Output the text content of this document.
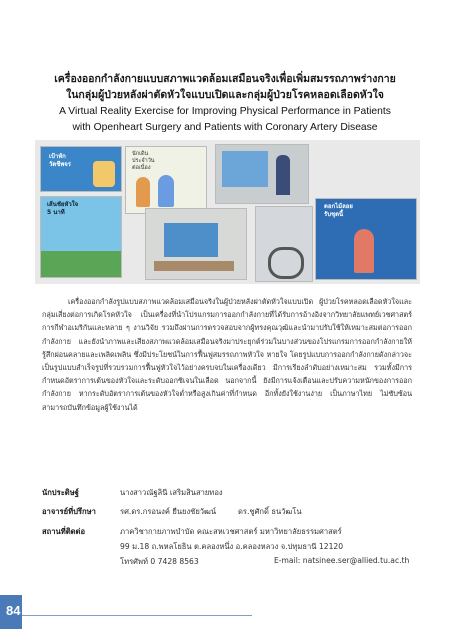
เครื่องออกกำลังกายแบบสภาพแวดล้อมเสมือนจริงเพื่อเพิ่มสมรรถภาพร่างกาย
ในกลุ่มผู้ป่วยหลังผ่าตัดหัวใจแบบเปิดและกลุ่มผู้ป่วยโรคหลอดเลือดหัวใจ
A Virtual Reality Exercise for Improving Physical Performance in Patients
with Openheart Surgery and Patients with Coronary Artery Disease
เป้าหัก
วัดชีพจร
นักเดิน
ประจำวัน
ต่อเนื่อง
เส้นชัยหัวใจ
5 นาที
ดอกไม้ลอย
รับชุดนี้

เครื่องออกกำลังรูปแบบสภาพแวดล้อมเสมือนจริงในผู้ป่วยหลังผ่าตัดหัวใจแบบเปิด ผู้ป่วยโรคหลอดเลือดหัวใจและกลุ่มเสี่ยงต่อการเกิดโรคหัวใจ เป็นเครื่องที่นำโปรแกรมการออกกำลังกายที่ได้รับการอ้างอิงจากวิทยาลัยแพทย์เวชศาสตร์การกีฬาอเมริกันและหลาย ๆ งานวิจัย รวมถึงผ่านการตรวจสอบจากผู้ทรงคุณวุฒิและนำมาปรับใช้ให้เหมาะสมต่อการออกกำลังกาย และยังนำภาพและเสียงสภาพแวดล้อมเสมือนจริงมาประยุกต์ร่วมในบางส่วนของโปรแกรมการออกกำลังกายให้รู้สึกผ่อนคลายและเพลิดเพลิน ซึ่งมีประโยชน์ในการฟื้นฟูสมรรถภาพหัวใจ หายใจ โดยรูปแบบการออกกำลังกายดังกล่าวจะเป็นรูปแบบสำเร็จรูปที่รวบรวมการฟื้นฟูหัวใจไว้อย่างครบจบในเครื่องเดียว มีการเรียงลำดับอย่างเหมาะสม รวมทั้งมีการกำหนดอัตราการเต้นของหัวใจและระดับออกซิเจนในเลือด นอกจากนี้ ยังมีการแจ้งเตือนและปรับความหนักของการออกกำลังกาย หากระดับอัตราการเต้นของหัวใจต่ำหรือสูงเกินค่าที่กำหนด อีกทั้งยังใช้งานง่าย เป็นภาษาไทย ไม่ซับซ้อน สามารถบันทึกข้อมูลผู้ใช้งานได้

นักประดิษฐ์	นางสาวณัฐลินี เสริมสินสายทอง
อาจารย์ที่ปรึกษา	รศ.ดร.กรอนงค์ ยืนยงชัยวัฒน์	ดร.ชูศักดิ์ ธนวัฒโน
สถานที่ติดต่อ	ภาควิชากายภาพบำบัด คณะสหเวชศาสตร์ มหาวิทยาลัยธรรมศาสตร์
99 ม.18 ถ.พหลโยธิน ต.คลองหนึ่ง อ.คลองหลวง จ.ปทุมธานี 12120
โทรศัพท์ 0 7428 8563	E-mail: natsinee.ser@allied.tu.ac.th
84
